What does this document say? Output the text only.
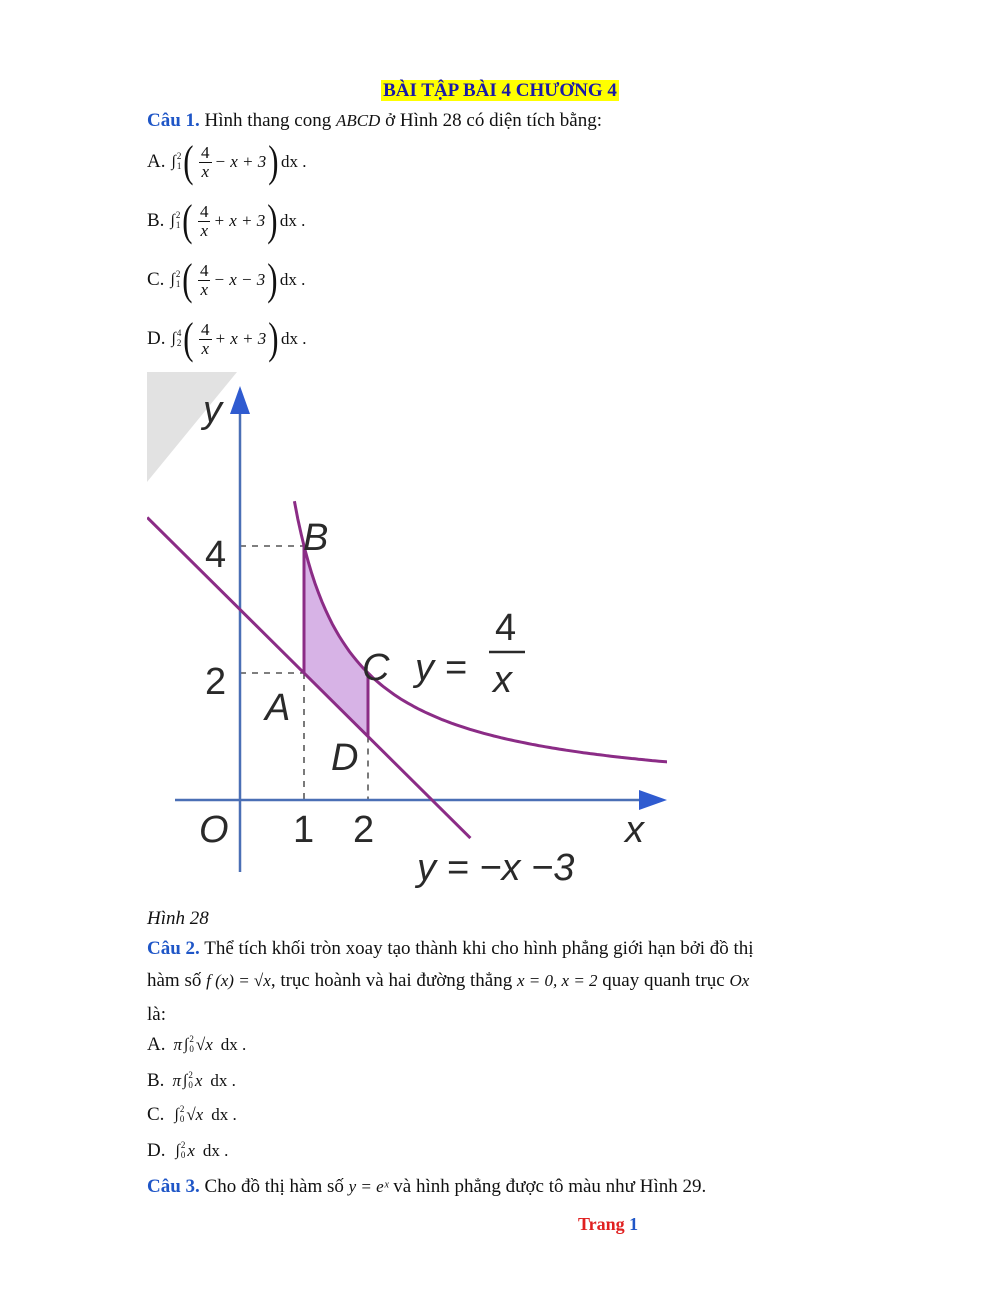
BÀI TẬP BÀI 4 CHƯƠNG 4
Câu 1. Hình thang cong ABCD ở Hình 28 có diện tích bằng:
A. ∫ 2
1 ( $\frac{4}{x} - x + 3$ ) dx .
B. ∫ 2
1 ( $\frac{4}{x} + x + 3$ ) dx .
C. ∫ 2
1 ( $\frac{4}{x} - x - 3$ ) dx .
D. ∫ 4
2 ( $\frac{4}{x} + x + 3$ ) dx .
y
x
O 1 2
2
4
A
B
C
D
y =
4
x
y = −x −3
Hình 28
Câu 2. Thể tích khối tròn xoay tạo thành khi cho hình phẳng giới hạn bởi đồ thị
hàm số f (x) = √x, trục hoành và hai đường thẳng x = 0, x = 2 quay quanh trục Ox
là:
A. π ∫ 2
0 √x dx .
B. π ∫ 2
0 x dx .
C. ∫ 2
0 √x dx .
D. ∫ 2
0 x dx .
Câu 3. Cho đồ thị hàm số y = eˣ và hình phẳng được tô màu như Hình 29.
Trang 1
